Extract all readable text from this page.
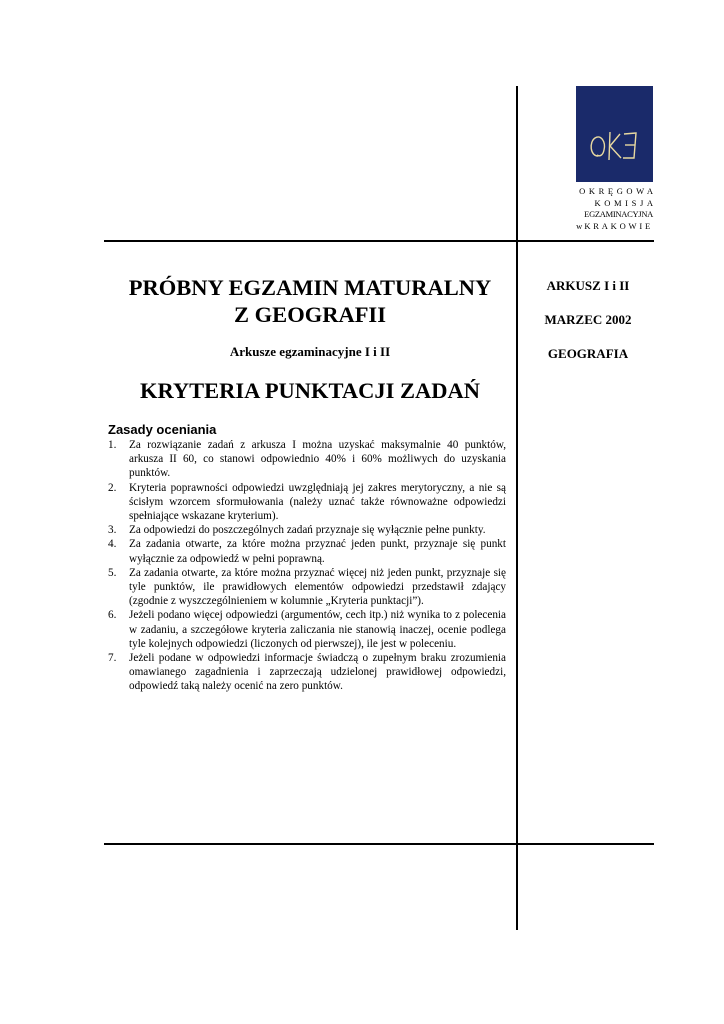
OKRĘGOWA
KOMISJA
EGZAMINACYJNA
w KRAKOWIE
PRÓBNY EGZAMIN MATURALNY
Z GEOGRAFII
Arkusze egzaminacyjne I i II
KRYTERIA PUNKTACJI ZADAŃ
ARKUSZ I i II
MARZEC 2002
GEOGRAFIA
Zasady oceniania
1. Za rozwiązanie zadań z arkusza I można uzyskać maksymalnie 40 punktów, arkusza II 60, co stanowi odpowiednio 40% i 60% możliwych do uzyskania punktów.
2. Kryteria poprawności odpowiedzi uwzględniają jej zakres merytoryczny, a nie są ścisłym wzorcem sformułowania (należy uznać także równoważne odpowiedzi spełniające wskazane kryterium).
3. Za odpowiedzi do poszczególnych zadań przyznaje się wyłącznie pełne punkty.
4. Za zadania otwarte, za które można przyznać jeden punkt, przyznaje się punkt wyłącznie za odpowiedź w pełni poprawną.
5. Za zadania otwarte, za które można przyznać więcej niż jeden punkt, przyznaje się tyle punktów, ile prawidłowych elementów odpowiedzi przedstawił zdający (zgodnie z wyszczególnieniem w kolumnie „Kryteria punktacji”).
6. Jeżeli podano więcej odpowiedzi (argumentów, cech itp.) niż wynika to z polecenia w zadaniu, a szczegółowe kryteria zaliczania nie stanowią inaczej, ocenie podlega tyle kolejnych odpowiedzi (liczonych od pierwszej), ile jest w poleceniu.
7. Jeżeli podane w odpowiedzi informacje świadczą o zupełnym braku zrozumienia omawianego zagadnienia i zaprzeczają udzielonej prawidłowej odpowiedzi, odpowiedź taką należy ocenić na zero punktów.
